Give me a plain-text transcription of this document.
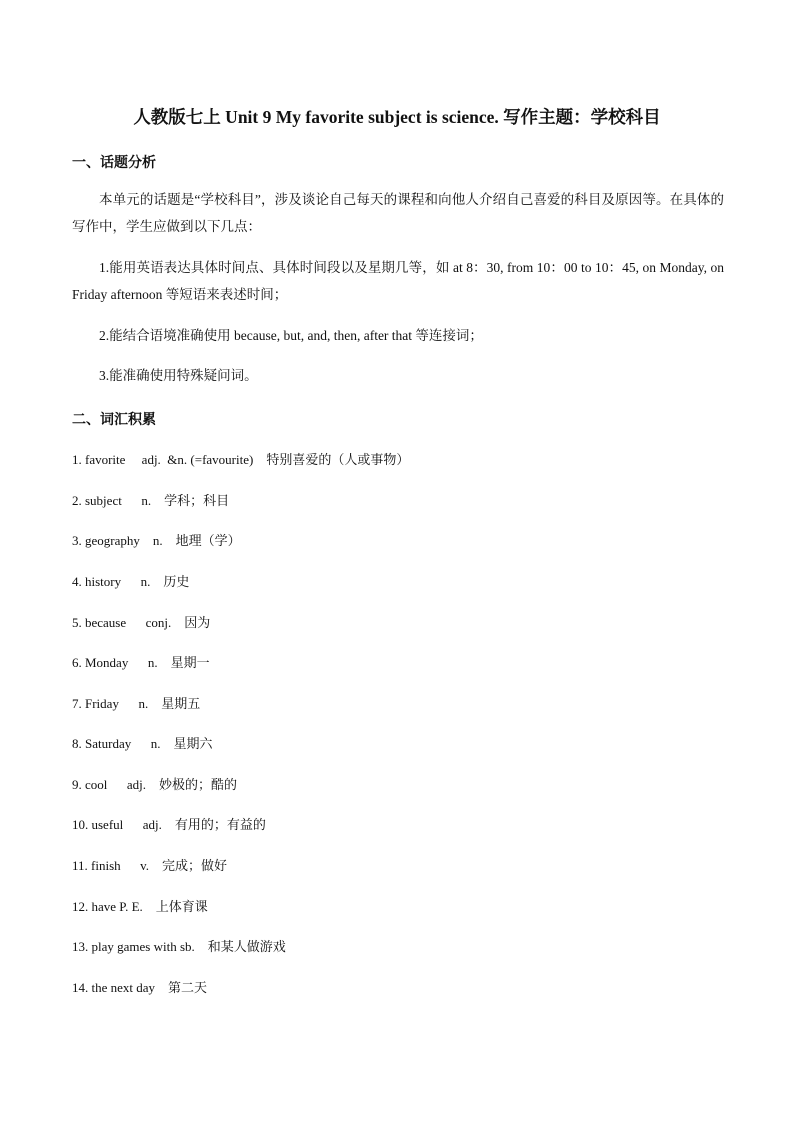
人教版七上 Unit 9 My favorite subject is science. 写作主题：学校科目
一、话题分析
本单元的话题是“学校科目”，涉及谈论自己每天的课程和向他人介绍自己喜爱的科目及原因等。在具体的写作中，学生应做到以下几点：
1.能用英语表达具体时间点、具体时间段以及星期几等，如 at 8：30, from 10：00 to 10：45, on Monday, on Friday afternoon 等短语来表述时间；
2.能结合语境准确使用 because, but, and, then, after that 等连接词；
3.能准确使用特殊疑问词。
二、词汇积累
1. favorite     adj.  &n. (=favourite)    特别喜爱的（人或事物）
2. subject      n.    学科；科目
3. geography    n.    地理（学）
4. history      n.    历史
5. because      conj.    因为
6. Monday      n.    星期一
7. Friday      n.    星期五
8. Saturday      n.    星期六
9. cool      adj.    妙极的；酷的
10. useful      adj.    有用的；有益的
11. finish      v.    完成；做好
12. have P. E.    上体育课
13. play games with sb.    和某人做游戏
14. the next day    第二天
